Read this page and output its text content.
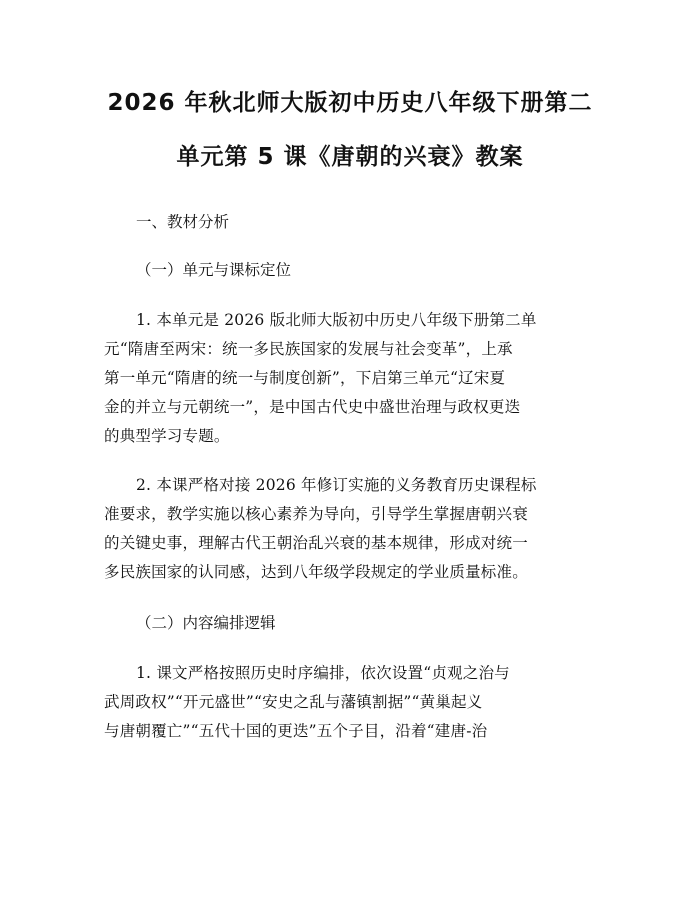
2026 年秋北师大版初中历史八年级下册第二
单元第 5 课《唐朝的兴衰》教案
一、教材分析
（一）单元与课标定位
1. 本单元是 2026 版北师大版初中历史八年级下册第二单
元“隋唐至两宋：统一多民族国家的发展与社会变革”，上承
第一单元“隋唐的统一与制度创新”，下启第三单元“辽宋夏
金的并立与元朝统一”，是中国古代史中盛世治理与政权更迭
的典型学习专题。
2. 本课严格对接 2026 年修订实施的义务教育历史课程标
准要求，教学实施以核心素养为导向，引导学生掌握唐朝兴衰
的关键史事，理解古代王朝治乱兴衰的基本规律，形成对统一
多民族国家的认同感，达到八年级学段规定的学业质量标准。
（二）内容编排逻辑
1. 课文严格按照历史时序编排，依次设置“贞观之治与
武周政权”“开元盛世”“安史之乱与藩镇割据”“黄巢起义
与唐朝覆亡”“五代十国的更迭”五个子目，沿着“建唐-治
